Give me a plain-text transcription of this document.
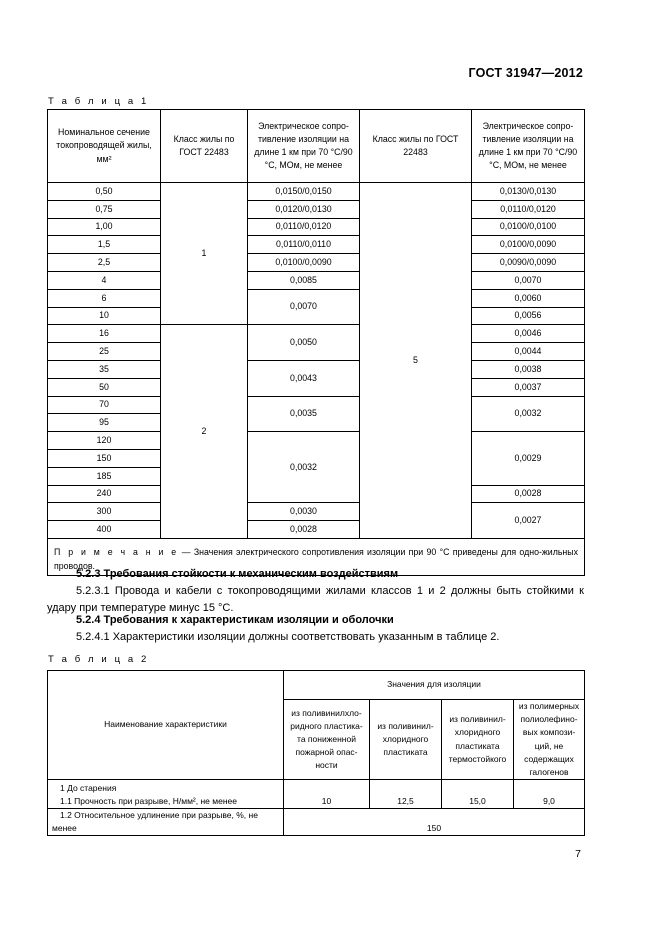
ГОСТ 31947—2012
Т а б л и ц а 1
Номинальное сечение токопроводящей жилы, мм²	Класс жилы по ГОСТ 22483	Электрическое сопро-тивление изоляции на длине 1 км при 70 °С/90 °С, МОм, не менее	Класс жилы по ГОСТ 22483	Электрическое сопро-тивление изоляции на длине 1 км при 70 °С/90 °С, МОм, не менее
0,50	1	0,0150/0,0150	5	0,0130/0,0130
0,75		0,0120/0,0130		0,0110/0,0120
1,00		0,0110/0,0120		0,0100/0,0100
1,5		0,0110/0,0110		0,0100/0,0090
2,5		0,0100/0,0090		0,0090/0,0090
4		0,0085		0,0070
6		0,0070		0,0060
10				0,0056
16	2	0,0050		0,0046
25				0,0044
35		0,0043		0,0038
50				0,0037
70		0,0035		0,0032
95				
120		0,0032		0,0029
150				
185				
240				0,0028
300		0,0030		0,0027
400		0,0028		
П р и м е ч а н и е — Значения электрического сопротивления изоляции при 90 °С приведены для одно-жильных проводов.				
5.2.3 Требования стойкости к механическим воздействиям
5.2.3.1 Провода и кабели с токопроводящими жилами классов 1 и 2 должны быть стойкими к удару при температуре минус 15 °С.
5.2.4 Требования к характеристикам изоляции и оболочки
5.2.4.1 Характеристики изоляции должны соответствовать указанным в таблице 2.
Т а б л и ц а 2
Наименование характеристики	Значения для изоляции			
	из поливинилхло-ридного пластика-та пониженной пожарной опас-ности	из поливинил-хлоридного пластиката	из поливинил-хлоридного пластиката термостойкого	из полимерных полиолефино-вых компози-ций, не содержащих галогенов

1 До старения
1.1 Прочность при разрыве, Н/мм², не менее	10	12,5	15,0	9,0
1.2 Относительное удлинение при разрыве, %, не менее	150			
7
